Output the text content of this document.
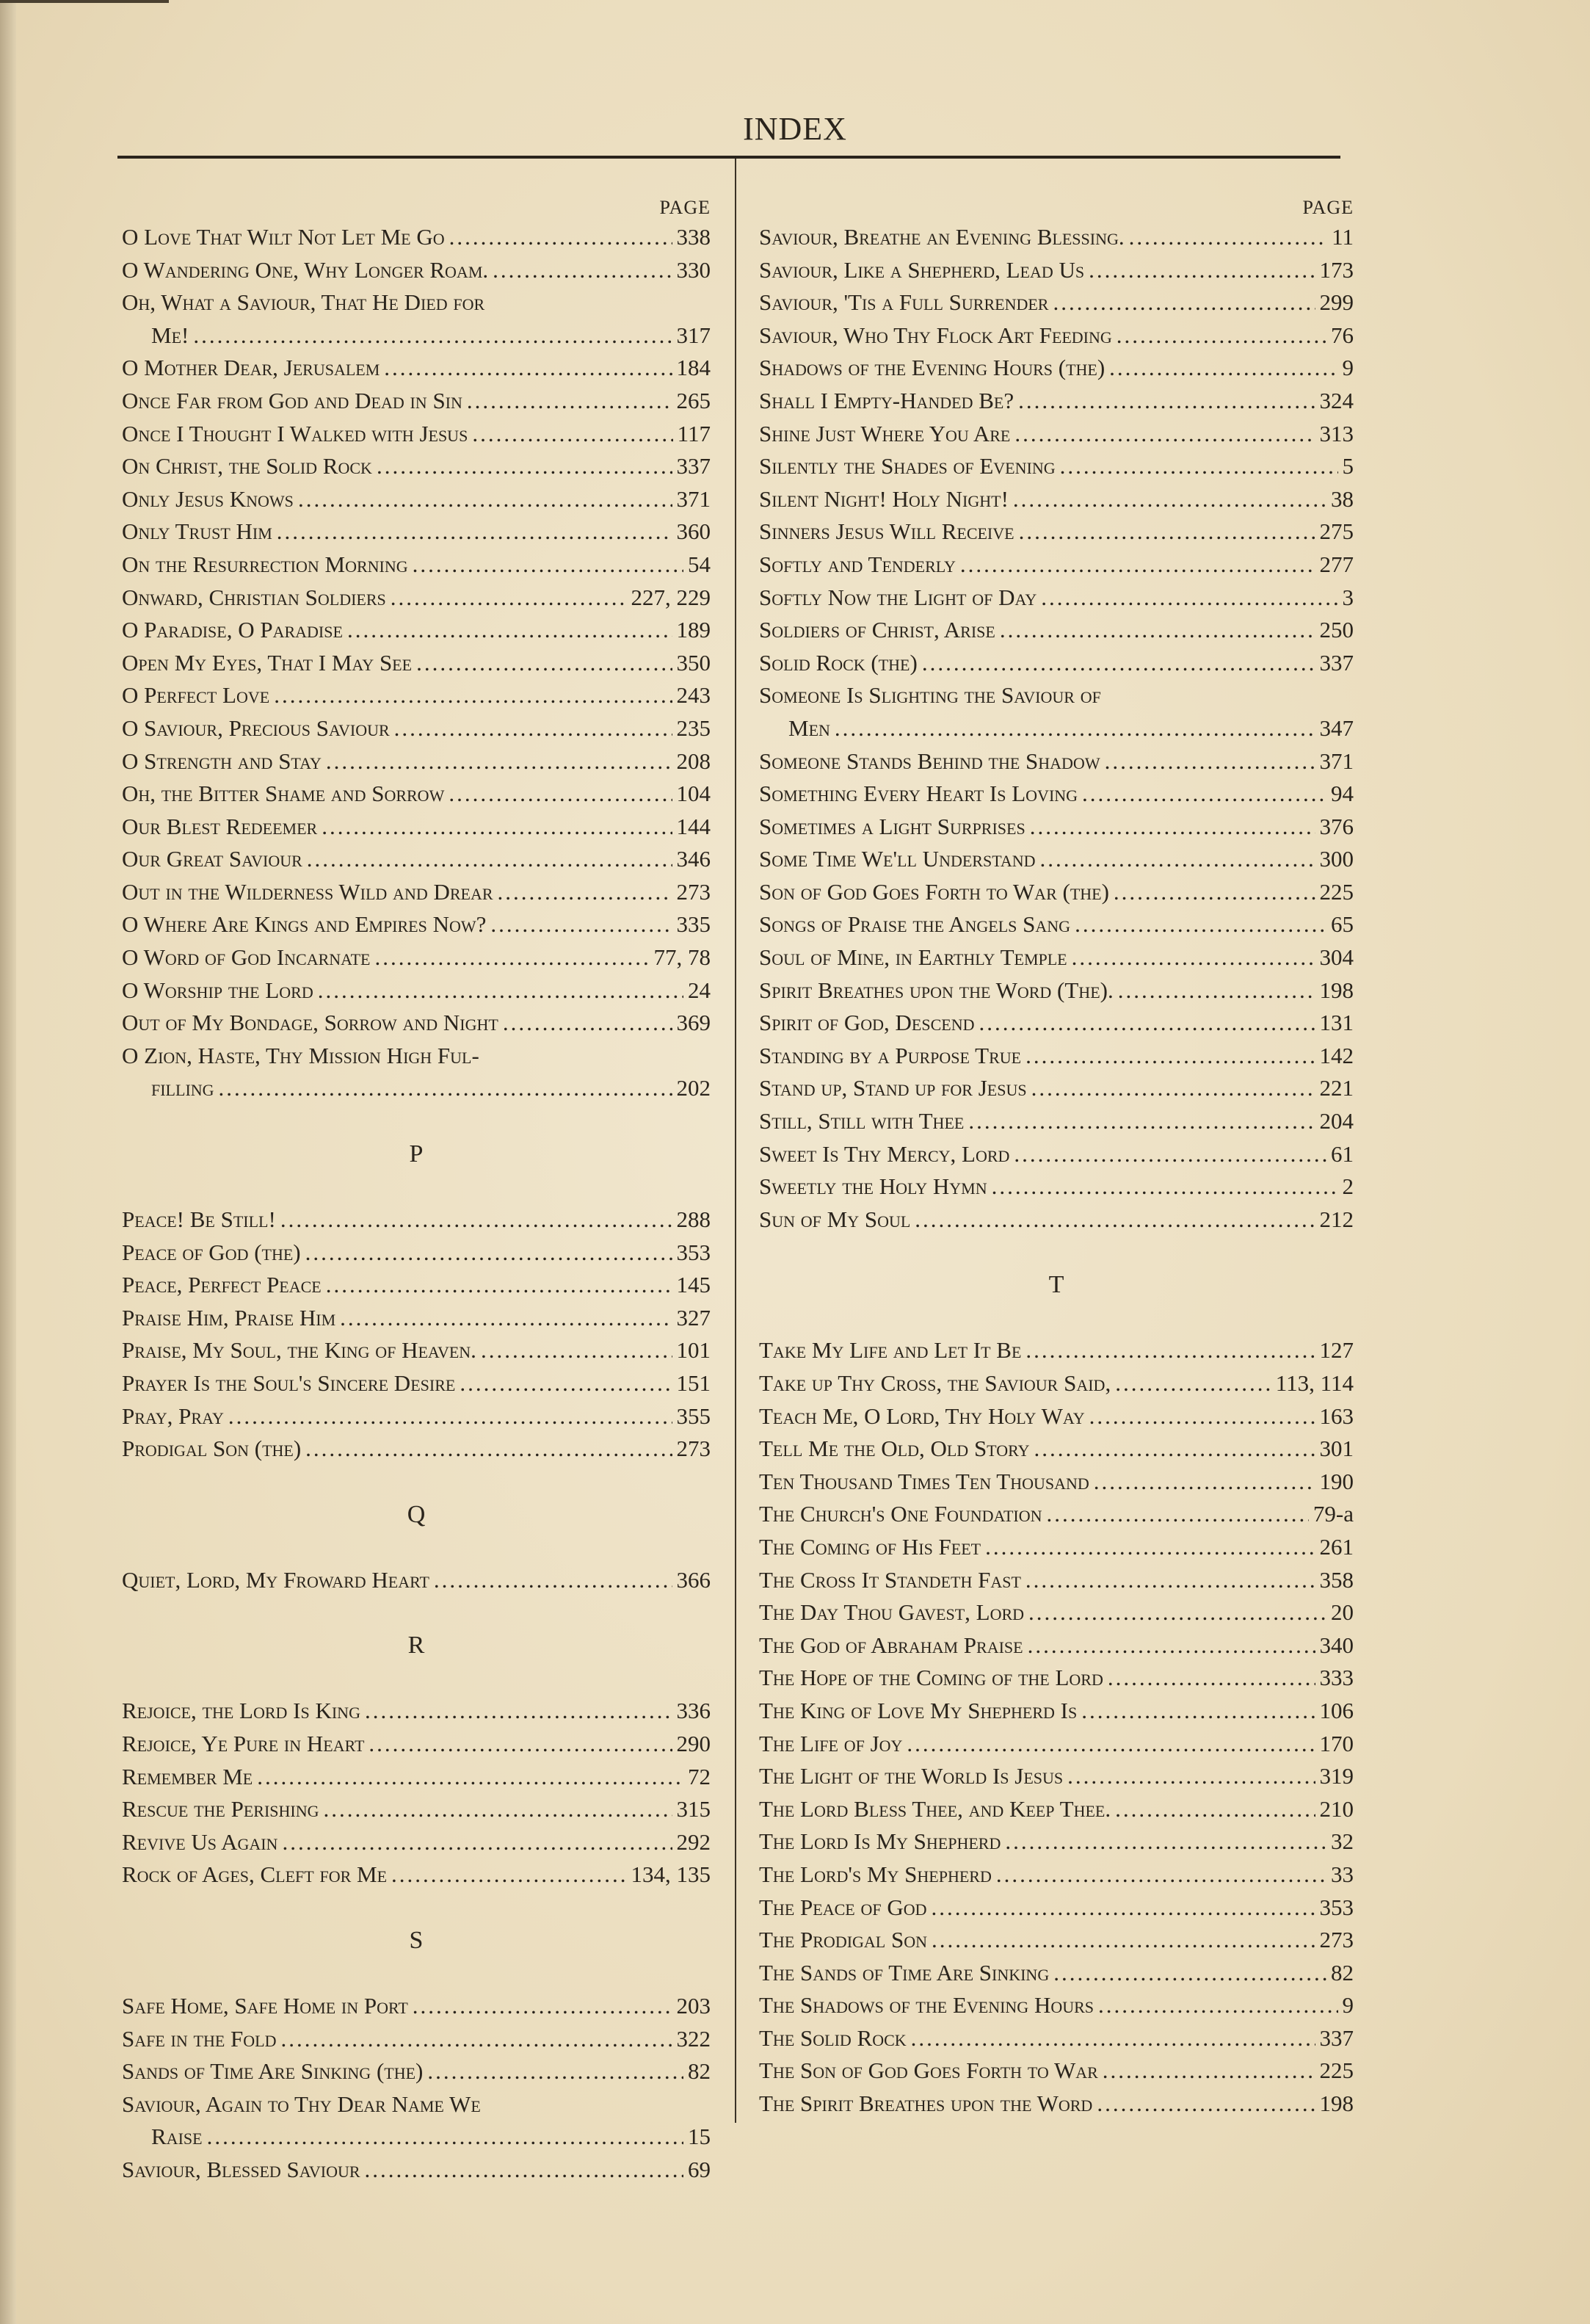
INDEX
PAGE
O Love That Wilt Not Let Me Go .....	338
O Wandering One, Why Longer Roam. .....	330
Oh, What a Saviour, That He Died for
Me! .....	317
O Mother Dear, Jerusalem .....	184
Once Far from God and Dead in Sin .....	265
Once I Thought I Walked with Jesus .....	117
On Christ, the Solid Rock .....	337
Only Jesus Knows .....	371
Only Trust Him .....	360
On the Resurrection Morning .....	54
Onward, Christian Soldiers .....	227, 229
O Paradise, O Paradise .....	189
Open My Eyes, That I May See .....	350
O Perfect Love .....	243
O Saviour, Precious Saviour .....	235
O Strength and Stay .....	208
Oh, the Bitter Shame and Sorrow .....	104
Our Blest Redeemer .....	144
Our Great Saviour .....	346
Out in the Wilderness Wild and Drear .....	273
O Where Are Kings and Empires Now? .....	335
O Word of God Incarnate .....	77, 78
O Worship the Lord .....	24
Out of My Bondage, Sorrow and Night .....	369
O Zion, Haste, Thy Mission High Ful-
filling .....	202
P
Peace! Be Still! .....	288
Peace of God (the) .....	353
Peace, Perfect Peace .....	145
Praise Him, Praise Him .....	327
Praise, My Soul, the King of Heaven. .....	101
Prayer Is the Soul's Sincere Desire .....	151
Pray, Pray .....	355
Prodigal Son (the) .....	273
Q
Quiet, Lord, My Froward Heart .....	366
R
Rejoice, the Lord Is King .....	336
Rejoice, Ye Pure in Heart .....	290
Remember Me .....	72
Rescue the Perishing .....	315
Revive Us Again .....	292
Rock of Ages, Cleft for Me .....	134, 135
S
Safe Home, Safe Home in Port .....	203
Safe in the Fold .....	322
Sands of Time Are Sinking (the) .....	82
Saviour, Again to Thy Dear Name We
Raise .....	15
Saviour, Blessed Saviour .....	69
PAGE
Saviour, Breathe an Evening Blessing. .....	11
Saviour, Like a Shepherd, Lead Us .....	173
Saviour, 'Tis a Full Surrender .....	299
Saviour, Who Thy Flock Art Feeding .....	76
Shadows of the Evening Hours (the) .....	9
Shall I Empty-Handed Be? .....	324
Shine Just Where You Are .....	313
Silently the Shades of Evening .....	5
Silent Night! Holy Night! .....	38
Sinners Jesus Will Receive .....	275
Softly and Tenderly .....	277
Softly Now the Light of Day .....	3
Soldiers of Christ, Arise .....	250
Solid Rock (the) .....	337
Someone Is Slighting the Saviour of
Men .....	347
Someone Stands Behind the Shadow .....	371
Something Every Heart Is Loving .....	94
Sometimes a Light Surprises .....	376
Some Time We'll Understand .....	300
Son of God Goes Forth to War (the) .....	225
Songs of Praise the Angels Sang .....	65
Soul of Mine, in Earthly Temple .....	304
Spirit Breathes upon the Word (The). .....	198
Spirit of God, Descend .....	131
Standing by a Purpose True .....	142
Stand up, Stand up for Jesus .....	221
Still, Still with Thee .....	204
Sweet Is Thy Mercy, Lord .....	61
Sweetly the Holy Hymn .....	2
Sun of My Soul .....	212
T
Take My Life and Let It Be .....	127
Take up Thy Cross, the Saviour Said, .....	113, 114
Teach Me, O Lord, Thy Holy Way .....	163
Tell Me the Old, Old Story .....	301
Ten Thousand Times Ten Thousand .....	190
The Church's One Foundation .....	79-a
The Coming of His Feet .....	261
The Cross It Standeth Fast .....	358
The Day Thou Gavest, Lord .....	20
The God of Abraham Praise .....	340
The Hope of the Coming of the Lord .....	333
The King of Love My Shepherd Is .....	106
The Life of Joy .....	170
The Light of the World Is Jesus .....	319
The Lord Bless Thee, and Keep Thee. .....	210
The Lord Is My Shepherd .....	32
The Lord's My Shepherd .....	33
The Peace of God .....	353
The Prodigal Son .....	273
The Sands of Time Are Sinking .....	82
The Shadows of the Evening Hours .....	9
The Solid Rock .....	337
The Son of God Goes Forth to War .....	225
The Spirit Breathes upon the Word .....	198
